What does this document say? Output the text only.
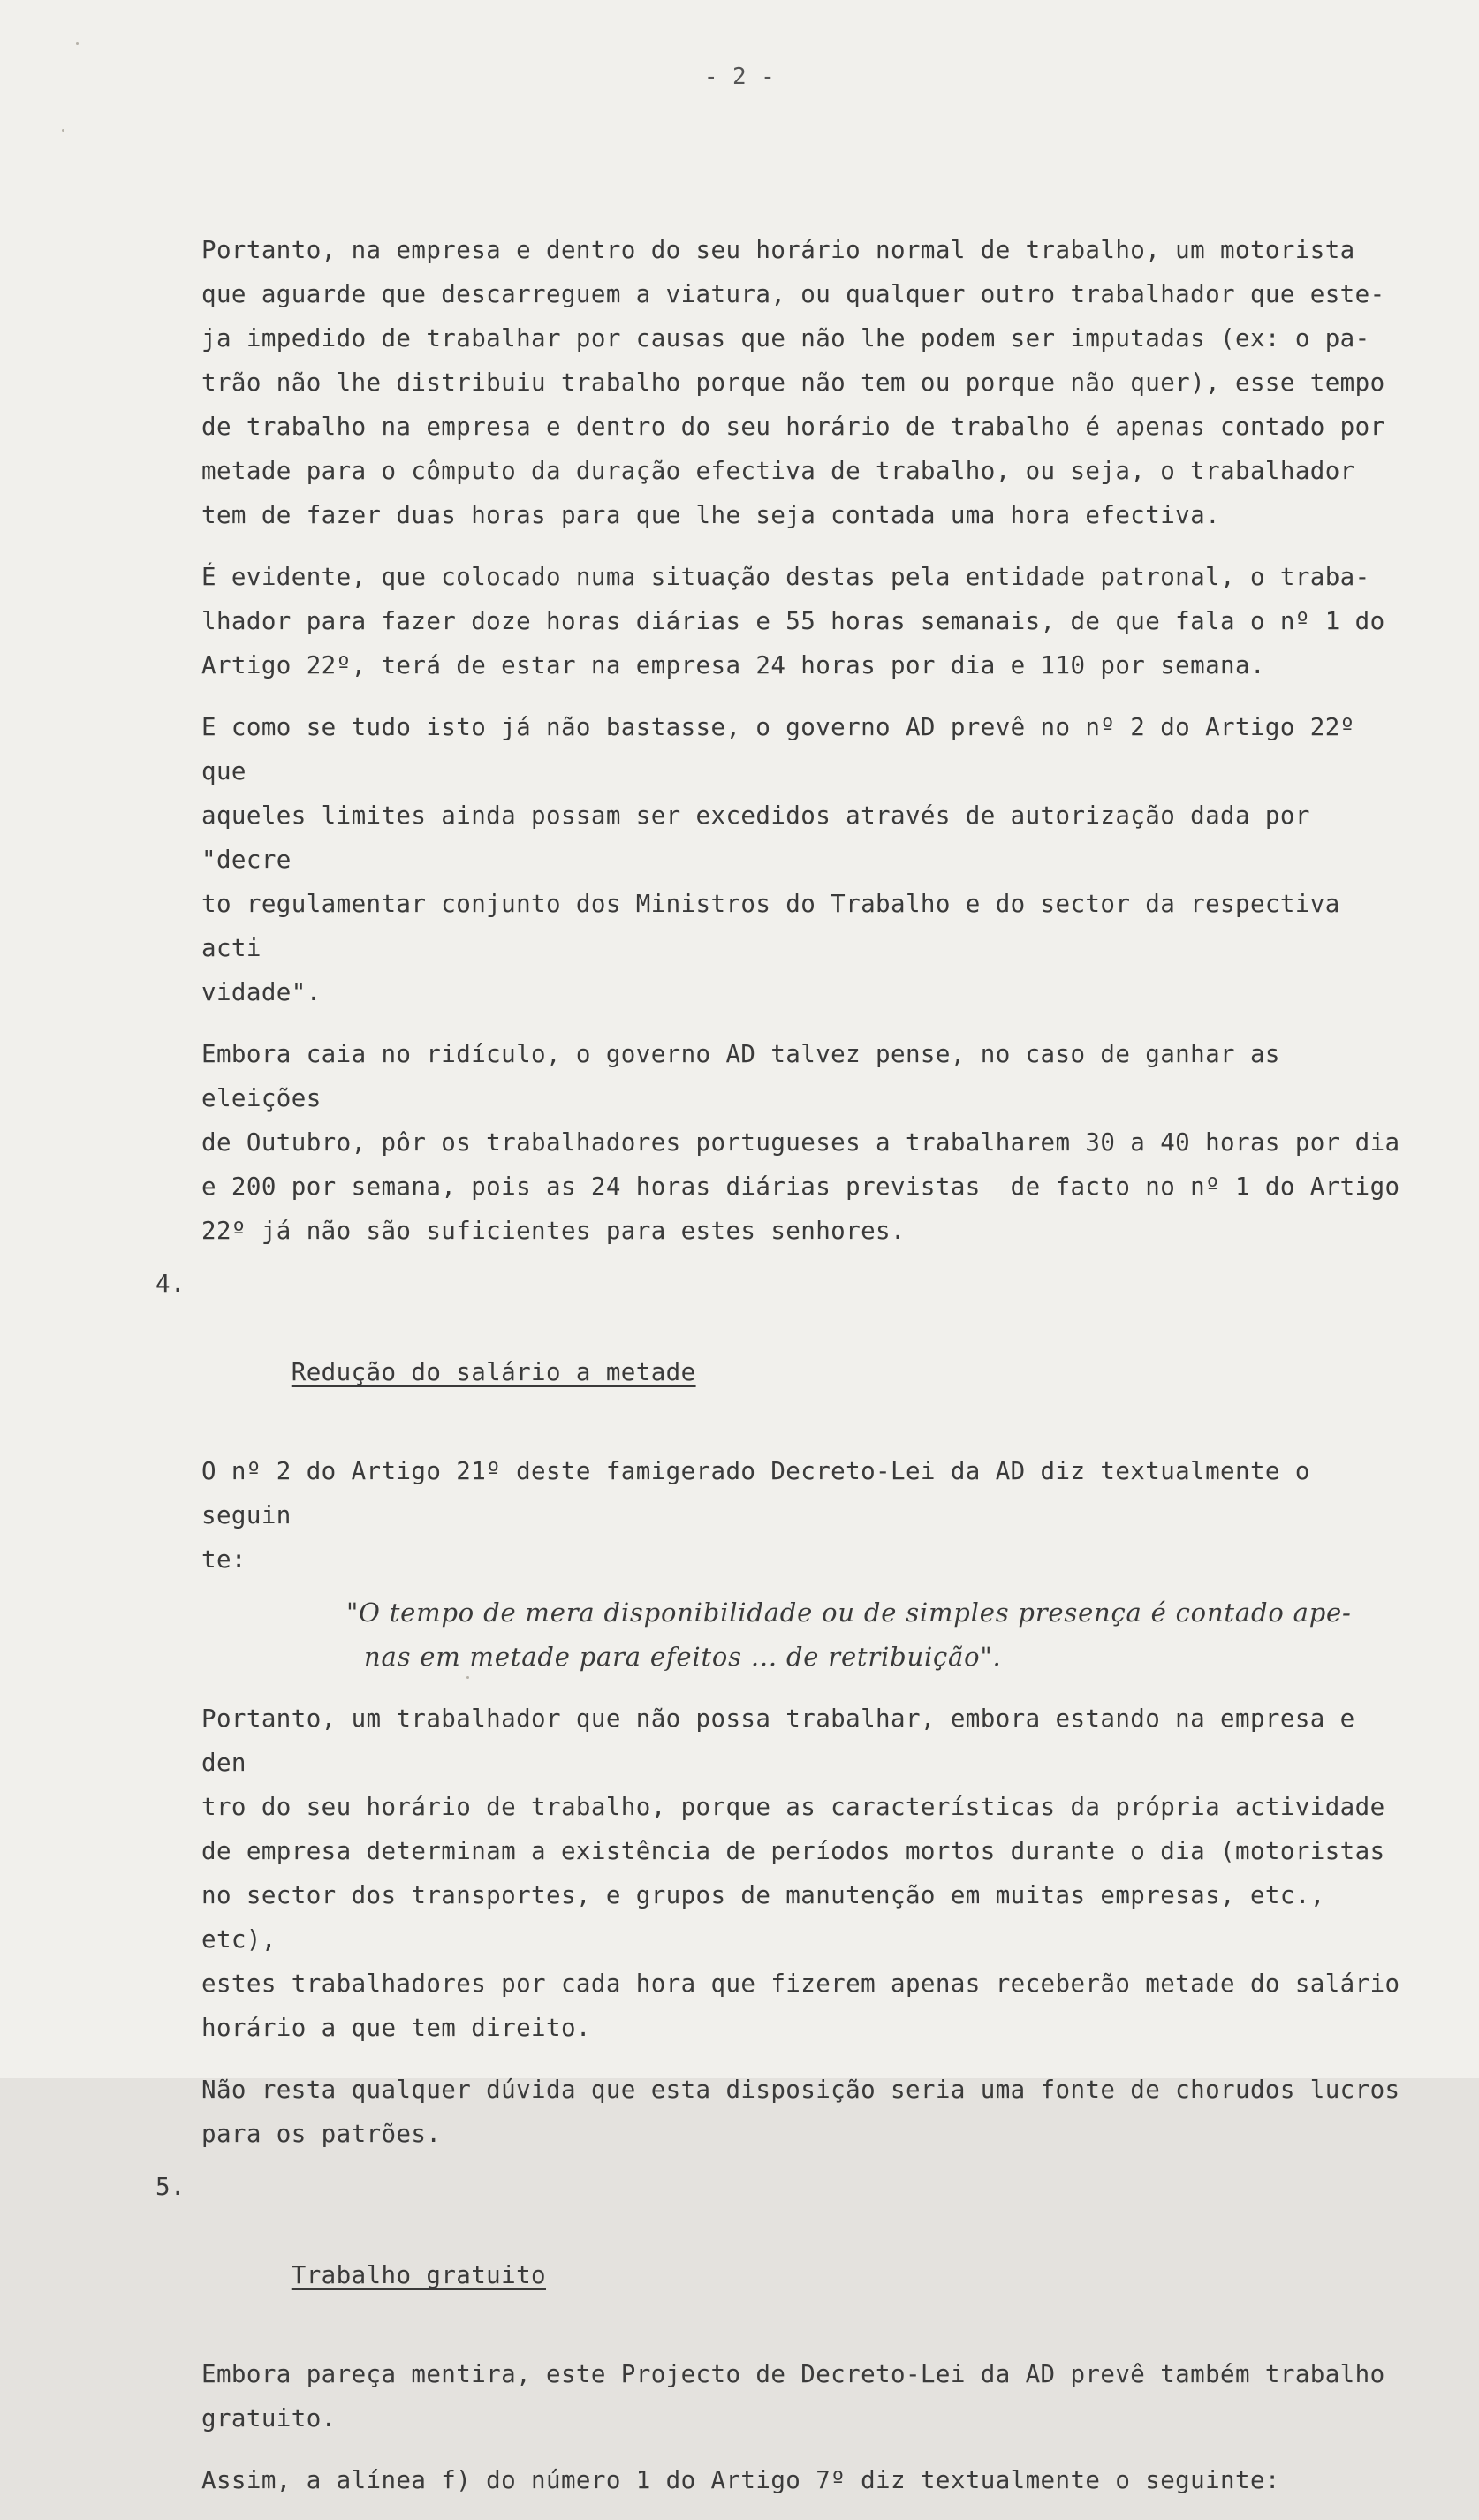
- 2 -

Portanto, na empresa e dentro do seu horário normal de trabalho, um motorista
que aguarde que descarreguem a viatura, ou qualquer outro trabalhador que este-
ja impedido de trabalhar por causas que não lhe podem ser imputadas (ex: o pa-
trão não lhe distribuiu trabalho porque não tem ou porque não quer), esse tempo
de trabalho na empresa e dentro do seu horário de trabalho é apenas contado por
metade para o cômputo da duração efectiva de trabalho, ou seja, o trabalhador
tem de fazer duas horas para que lhe seja contada uma hora efectiva.

É evidente, que colocado numa situação destas pela entidade patronal, o traba-
lhador para fazer doze horas diárias e 55 horas semanais, de que fala o nº 1 do
Artigo 22º, terá de estar na empresa 24 horas por dia e 110 por semana.

E como se tudo isto já não bastasse, o governo AD prevê no nº 2 do Artigo 22º que
aqueles limites ainda possam ser excedidos através de autorização dada por "decre
to regulamentar conjunto dos Ministros do Trabalho e do sector da respectiva acti
vidade".

Embora caia no ridículo, o governo AD talvez pense, no caso de ganhar as eleições
de Outubro, pôr os trabalhadores portugueses a trabalharem 30 a 40 horas por dia
e 200 por semana, pois as 24 horas diárias previstas  de facto no nº 1 do Artigo
22º já não são suficientes para estes senhores.

4.

Redução do salário a metade

O nº 2 do Artigo 21º deste famigerado Decreto-Lei da AD diz textualmente o seguin
te:

"O tempo de mera disponibilidade ou de simples presença é contado ape-
nas em metade para efeitos ... de retribuição".

Portanto, um trabalhador que não possa trabalhar, embora estando na empresa e den
tro do seu horário de trabalho, porque as características da própria actividade
de empresa determinam a existência de períodos mortos durante o dia (motoristas
no sector dos transportes, e grupos de manutenção em muitas empresas, etc., etc),
estes trabalhadores por cada hora que fizerem apenas receberão metade do salário
horário a que tem direito.

Não resta qualquer dúvida que esta disposição seria uma fonte de chorudos lucros
para os patrões.

5.

Trabalho gratuito

Embora pareça mentira, este Projecto de Decreto-Lei da AD prevê também trabalho
gratuito.

Assim, a alínea f) do número 1 do Artigo 7º diz textualmente o seguinte:
